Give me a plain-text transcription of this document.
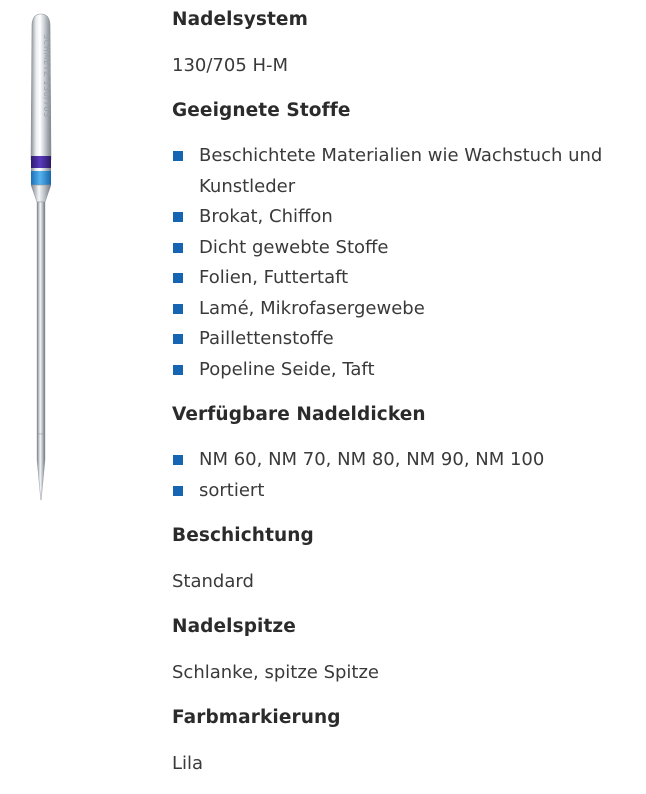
SCHMETZ 130/705
Nadelsystem
130/705 H-M
Geeignete Stoffe
Beschichtete Materialien wie Wachstuch und Kunstleder
Brokat, Chiffon
Dicht gewebte Stoffe
Folien, Futtertaft
Lamé, Mikrofasergewebe
Paillettenstoffe
Popeline Seide, Taft
Verfügbare Nadeldicken
NM 60, NM 70, NM 80, NM 90, NM 100
sortiert
Beschichtung
Standard
Nadelspitze
Schlanke, spitze Spitze
Farbmarkierung
Lila
